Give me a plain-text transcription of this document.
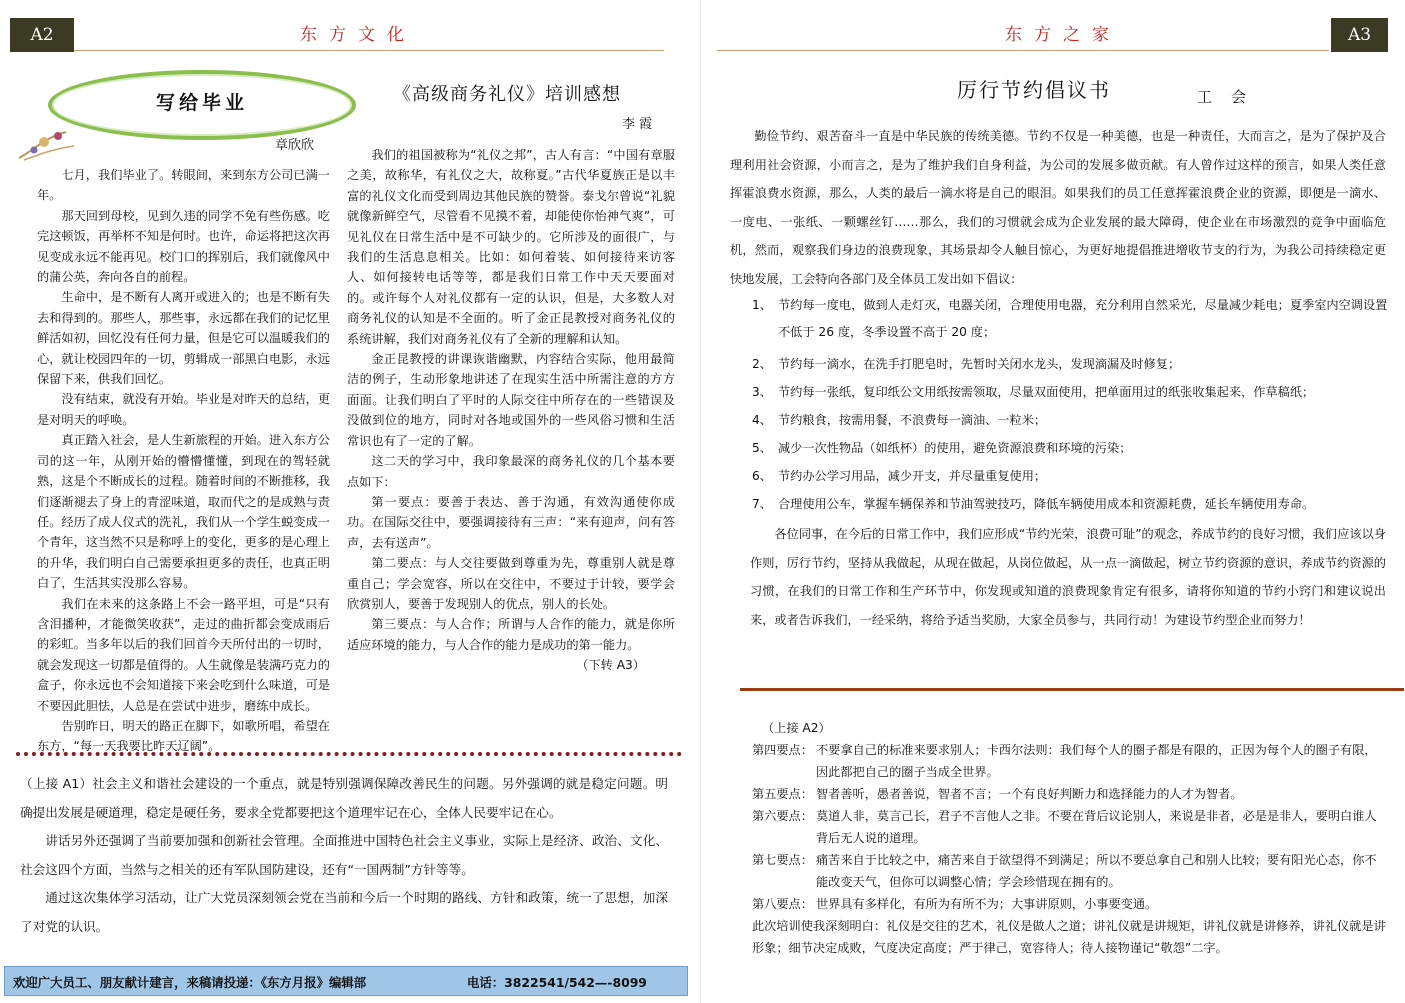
A2	东方文化
写给毕业
章欣欣

七月，我们毕业了。转眼间，来到东方公司已满一年。

那天回到母校，见到久违的同学不免有些伤感。吃完这顿饭，再举杯不知是何时。也许，命运将把这次再见变成永远不能再见。校门口的挥别后，我们就像风中的蒲公英，奔向各自的前程。

生命中，是不断有人离开或进入的；也是不断有失去和得到的。那些人，那些事，永远都在我们的记忆里鲜活如初，回忆没有任何力量，但是它可以温暖我们的心，就让校园四年的一切，剪辑成一部黑白电影，永远保留下来，供我们回忆。

没有结束，就没有开始。毕业是对昨天的总结，更是对明天的呼唤。

真正踏入社会，是人生新旅程的开始。进入东方公司的这一年，从刚开始的懵懵懂懂，到现在的驾轻就熟，这是个不断成长的过程。随着时间的不断推移，我们逐渐褪去了身上的青涩味道，取而代之的是成熟与责任。经历了成人仪式的洗礼，我们从一个学生蜕变成一个青年，这当然不只是称呼上的变化，更多的是心理上的升华，我们明白自己需要承担更多的责任，也真正明白了，生活其实没那么容易。

我们在未来的这条路上不会一路平坦，可是“只有含泪播种，才能微笑收获”，走过的曲折都会变成雨后的彩虹。当多年以后的我们回首今天所付出的一切时，就会发现这一切都是值得的。人生就像是装满巧克力的盒子，你永远也不会知道接下来会吃到什么味道，可是不要因此胆怯，人总是在尝试中进步，磨练中成长。

告别昨日，明天的路正在脚下，如歌所唱，希望在东方，“每一天我要比昨天辽阔”。

《高级商务礼仪》培训感想
李 霞

我们的祖国被称为“礼仪之邦”，古人有言：“中国有章服之美，故称华，有礼仪之大，故称夏。”古代华夏族正是以丰富的礼仪文化而受到周边其他民族的赞誉。泰戈尔曾说“礼貌就像新鲜空气，尽管看不见摸不着，却能使你怡神气爽”，可见礼仪在日常生活中是不可缺少的。它所涉及的面很广，与我们的生活息息相关。比如：如何着装、如何接待来访客人、如何接转电话等等，都是我们日常工作中天天要面对的。或许每个人对礼仪都有一定的认识，但是，大多数人对商务礼仪的认知是不全面的。听了金正昆教授对商务礼仪的系统讲解，我们对商务礼仪有了全新的理解和认知。

金正昆教授的讲课诙谐幽默，内容结合实际，他用最简洁的例子，生动形象地讲述了在现实生活中所需注意的方方面面。让我们明白了平时的人际交往中所存在的一些错误及没做到位的地方，同时对各地或国外的一些风俗习惯和生活常识也有了一定的了解。

这二天的学习中，我印象最深的商务礼仪的几个基本要点如下：

第一要点：要善于表达、善于沟通，有效沟通使你成功。在国际交往中，要强调接待有三声：“来有迎声，问有答声，去有送声”。

第二要点：与人交往要做到尊重为先，尊重别人就是尊重自己；学会宽容，所以在交往中，不要过于计较，要学会欣赏别人，要善于发现别人的优点，别人的长处。

第三要点：与人合作；所谓与人合作的能力，就是你所适应环境的能力，与人合作的能力是成功的第一能力。

（下转 A3）

（上接 A1）社会主义和谐社会建设的一个重点，就是特别强调保障改善民生的问题。另外强调的就是稳定问题。明确提出发展是硬道理，稳定是硬任务，要求全党都要把这个道理牢记在心，全体人民要牢记在心。

讲话另外还强调了当前要加强和创新社会管理。全面推进中国特色社会主义事业，实际上是经济、政治、文化、社会这四个方面，当然与之相关的还有军队国防建设，还有“一国两制”方针等等。

通过这次集体学习活动，让广大党员深刻领会党在当前和今后一个时期的路线、方针和政策，统一了思想，加深了对党的认识。

欢迎广大员工、朋友献计建言，来稿请投递：《东方月报》编辑部	电话：3822541/542—-8099
A3
东方之家
厉行节约倡议书	工    会

勤俭节约、艰苦奋斗一直是中华民族的传统美德。节约不仅是一种美德，也是一种责任，大而言之，是为了保护及合理利用社会资源，小而言之，是为了维护我们自身利益，为公司的发展多做贡献。有人曾作过这样的预言，如果人类任意挥霍浪费水资源，那么，人类的最后一滴水将是自己的眼泪。如果我们的员工任意挥霍浪费企业的资源，即便是一滴水、一度电、一张纸、一颗螺丝钉……那么，我们的习惯就会成为企业发展的最大障碍，使企业在市场激烈的竞争中面临危机，然而，观察我们身边的浪费现象，其场景却令人触目惊心，为更好地提倡推进增收节支的行为，为我公司持续稳定更快地发展，工会特向各部门及全体员工发出如下倡议：

1、 节约每一度电，做到人走灯灭，电器关闭，合理使用电器，充分利用自然采光，尽量减少耗电；夏季室内空调设置不低于 26 度，冬季设置不高于 20 度；
2、 节约每一滴水，在洗手打肥皂时，先暂时关闭水龙头，发现滴漏及时修复；
3、 节约每一张纸，复印纸公文用纸按需领取，尽量双面使用，把单面用过的纸张收集起来，作草稿纸；
4、 节约粮食，按需用餐，不浪费每一滴油、一粒米；
5、 减少一次性物品（如纸杯）的使用，避免资源浪费和环境的污染；
6、 节约办公学习用品，减少开支，并尽量重复使用；
7、 合理使用公车，掌握车辆保养和节油驾驶技巧，降低车辆使用成本和资源耗费，延长车辆使用寿命。

各位同事，在今后的日常工作中，我们应形成“节约光荣，浪费可耻”的观念，养成节约的良好习惯，我们应该以身作则，厉行节约，坚持从我做起，从现在做起，从岗位做起，从一点一滴做起，树立节约资源的意识，养成节约资源的习惯，在我们的日常工作和生产环节中，你发现或知道的浪费现象肯定有很多，请将你知道的节约小窍门和建议说出来，或者告诉我们，一经采纳，将给予适当奖励，大家全员参与，共同行动！为建设节约型企业而努力！

（上接 A2）
第四要点： 不要拿自己的标准来要求别人；卡西尔法则：我们每个人的圈子都是有限的，正因为每个人的圈子有限，因此都把自己的圈子当成全世界。
第五要点： 智者善听，愚者善说，智者不言；一个有良好判断力和选择能力的人才为智者。
第六要点： 莫道人非，莫言己长，君子不言他人之非。不要在背后议论别人，来说是非者，必是是非人，要明白谁人背后无人说的道理。
第七要点： 痛苦来自于比较之中，痛苦来自于欲望得不到满足；所以不要总拿自己和别人比较；要有阳光心态，你不能改变天气，但你可以调整心情；学会珍惜现在拥有的。
第八要点： 世界具有多样化，有所为有所不为；大事讲原则，小事要变通。
此次培训使我深刻明白：礼仪是交往的艺术，礼仪是做人之道；讲礼仪就是讲规矩，讲礼仪就是讲修养，讲礼仪就是讲形象；细节决定成败，气度决定高度；严于律己，宽容待人；待人接物谨记“敬怨”二字。
